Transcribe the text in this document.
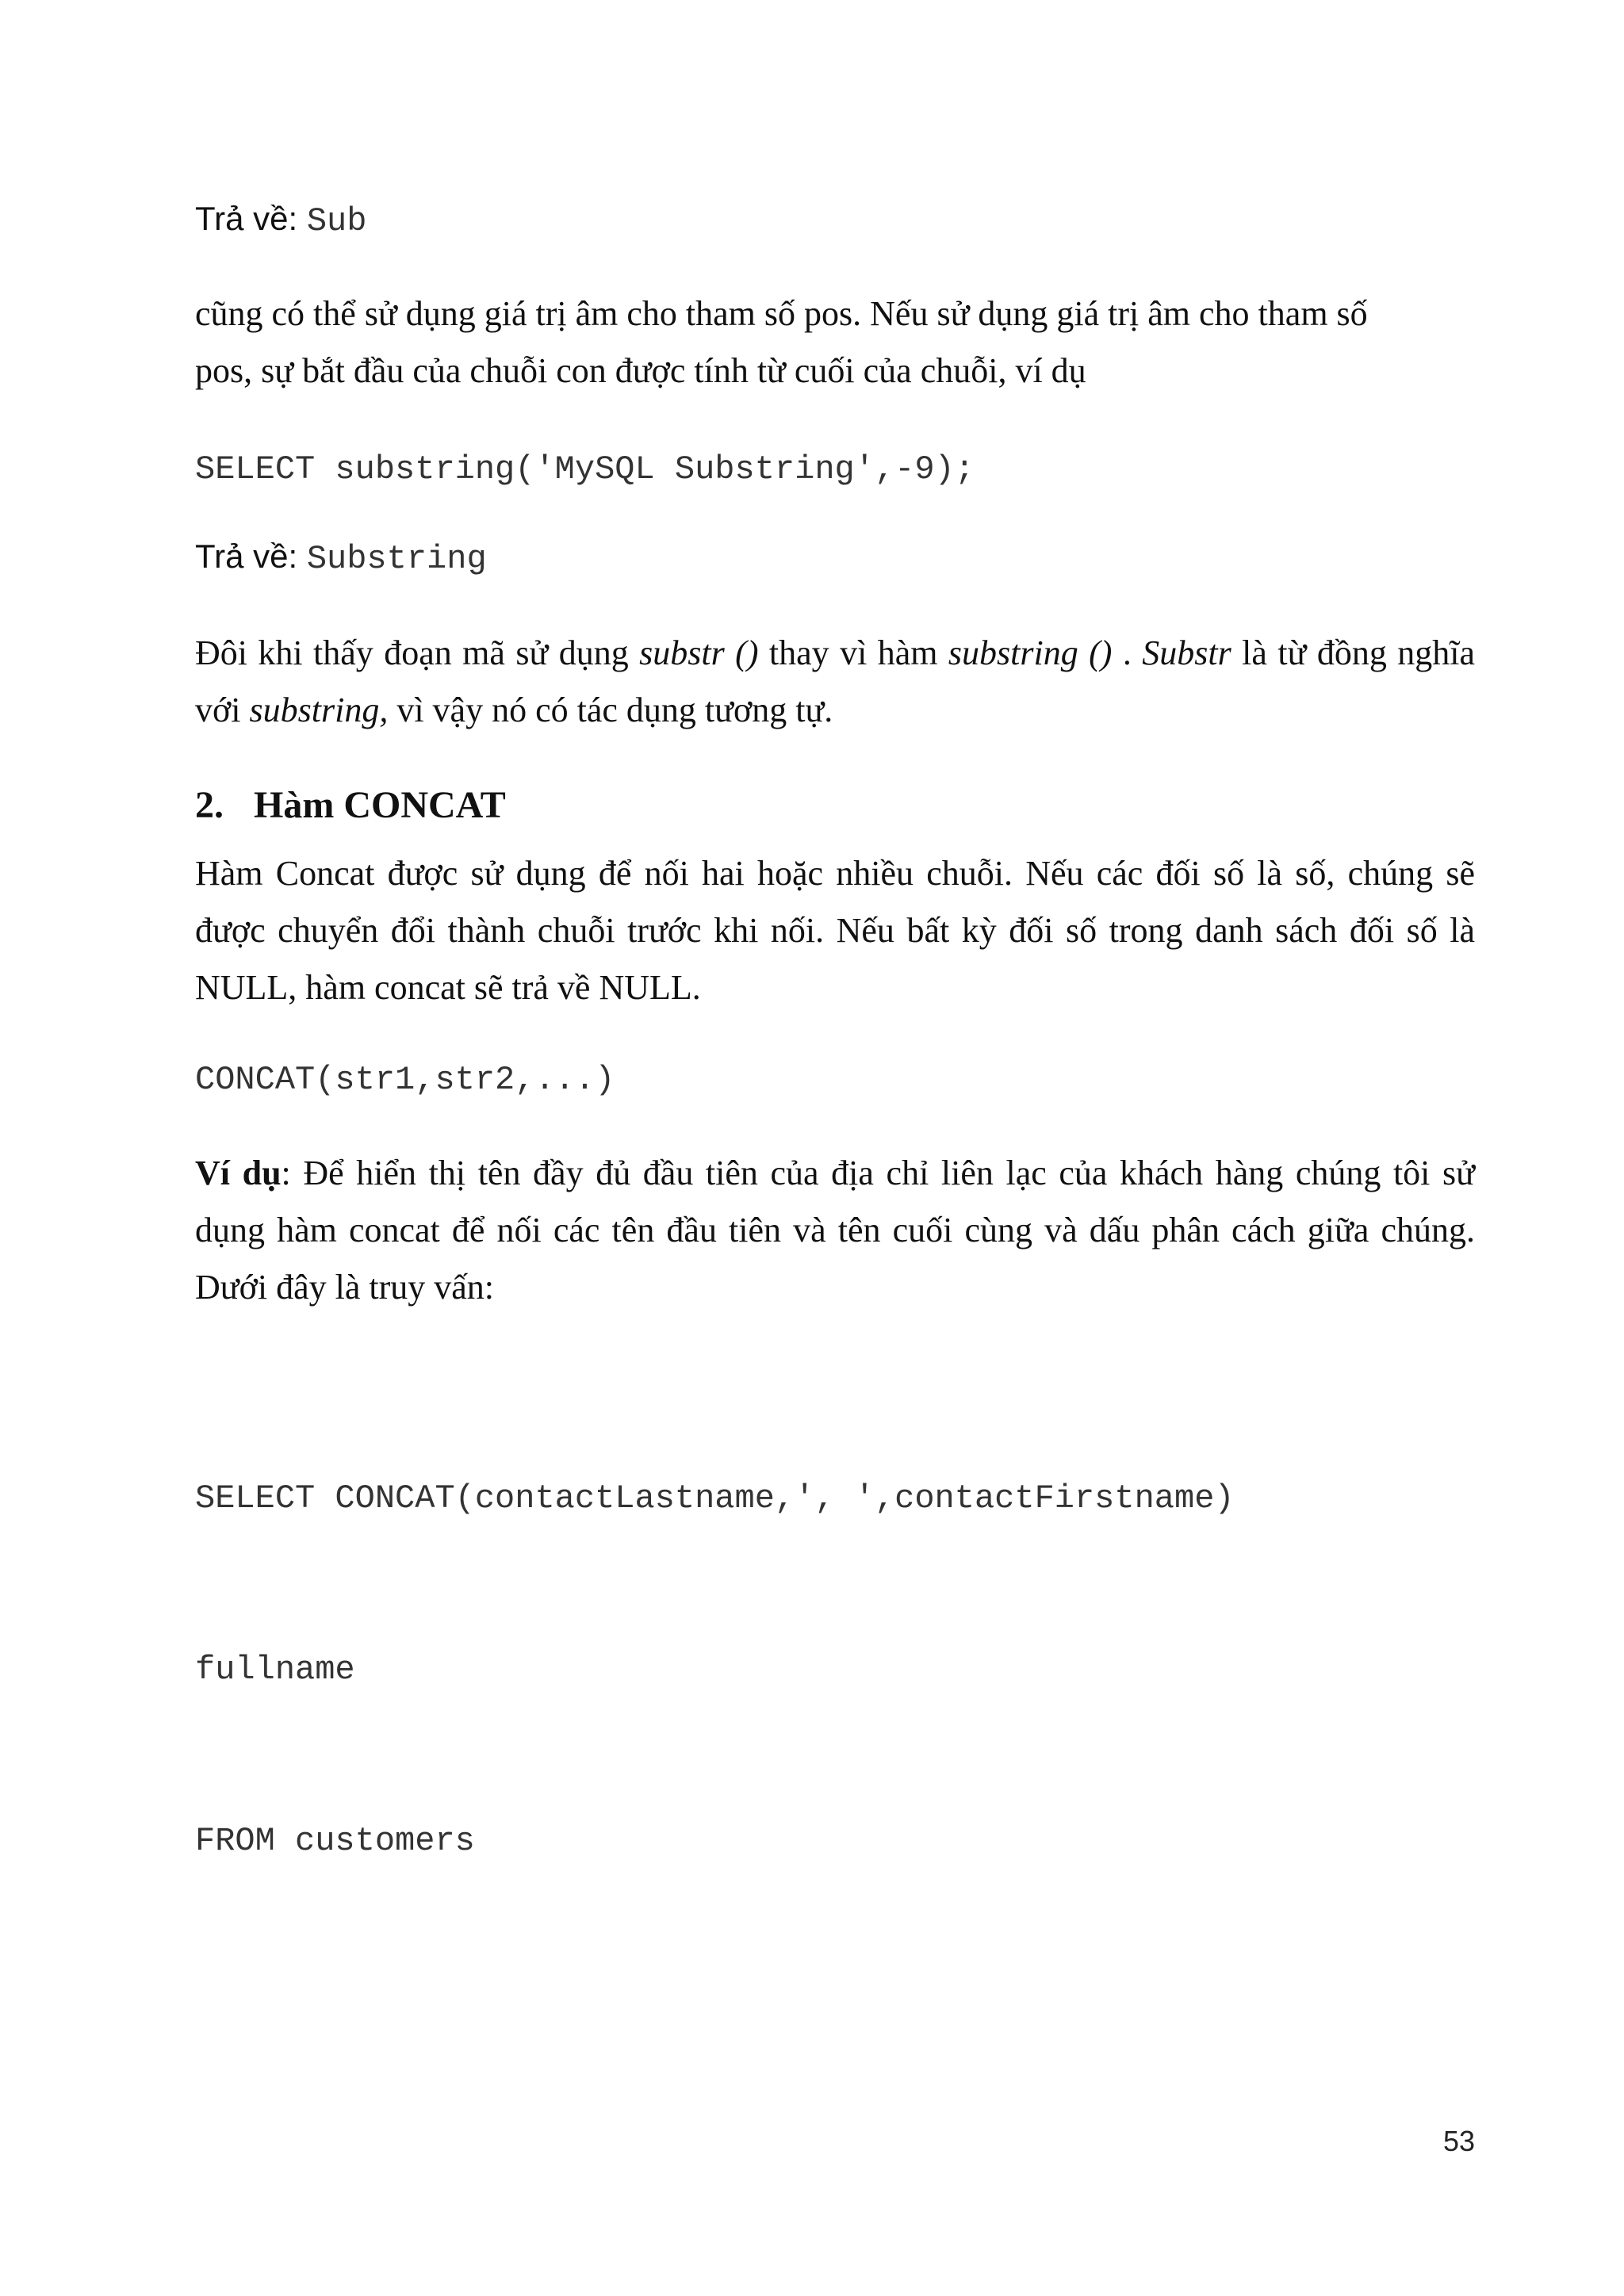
Trả về: Sub

cũng có thể sử dụng giá trị âm cho tham số pos. Nếu sử dụng giá trị âm cho tham số pos, sự bắt đầu của chuỗi con được tính từ cuối của chuỗi, ví dụ

SELECT substring('MySQL Substring',-9);

Trả về: Substring

Đôi khi thấy đoạn mã sử dụng substr () thay vì hàm substring () . Substr là từ đồng nghĩa với substring, vì vậy nó có tác dụng tương tự.

2. Hàm CONCAT

Hàm Concat được sử dụng để nối hai hoặc nhiều chuỗi. Nếu các đối số là số, chúng sẽ được chuyển đổi thành chuỗi trước khi nối. Nếu bất kỳ đối số trong danh sách đối số là NULL, hàm concat sẽ trả về NULL.

CONCAT(str1,str2,...)

Ví dụ: Để hiển thị tên đầy đủ đầu tiên của địa chỉ liên lạc của khách hàng chúng tôi sử dụng hàm concat để nối các tên đầu tiên và tên cuối cùng và dấu phân cách giữa chúng. Dưới đây là truy vấn:

SELECT CONCAT(contactLastname,', ',contactFirstname)

fullname

FROM customers

53
